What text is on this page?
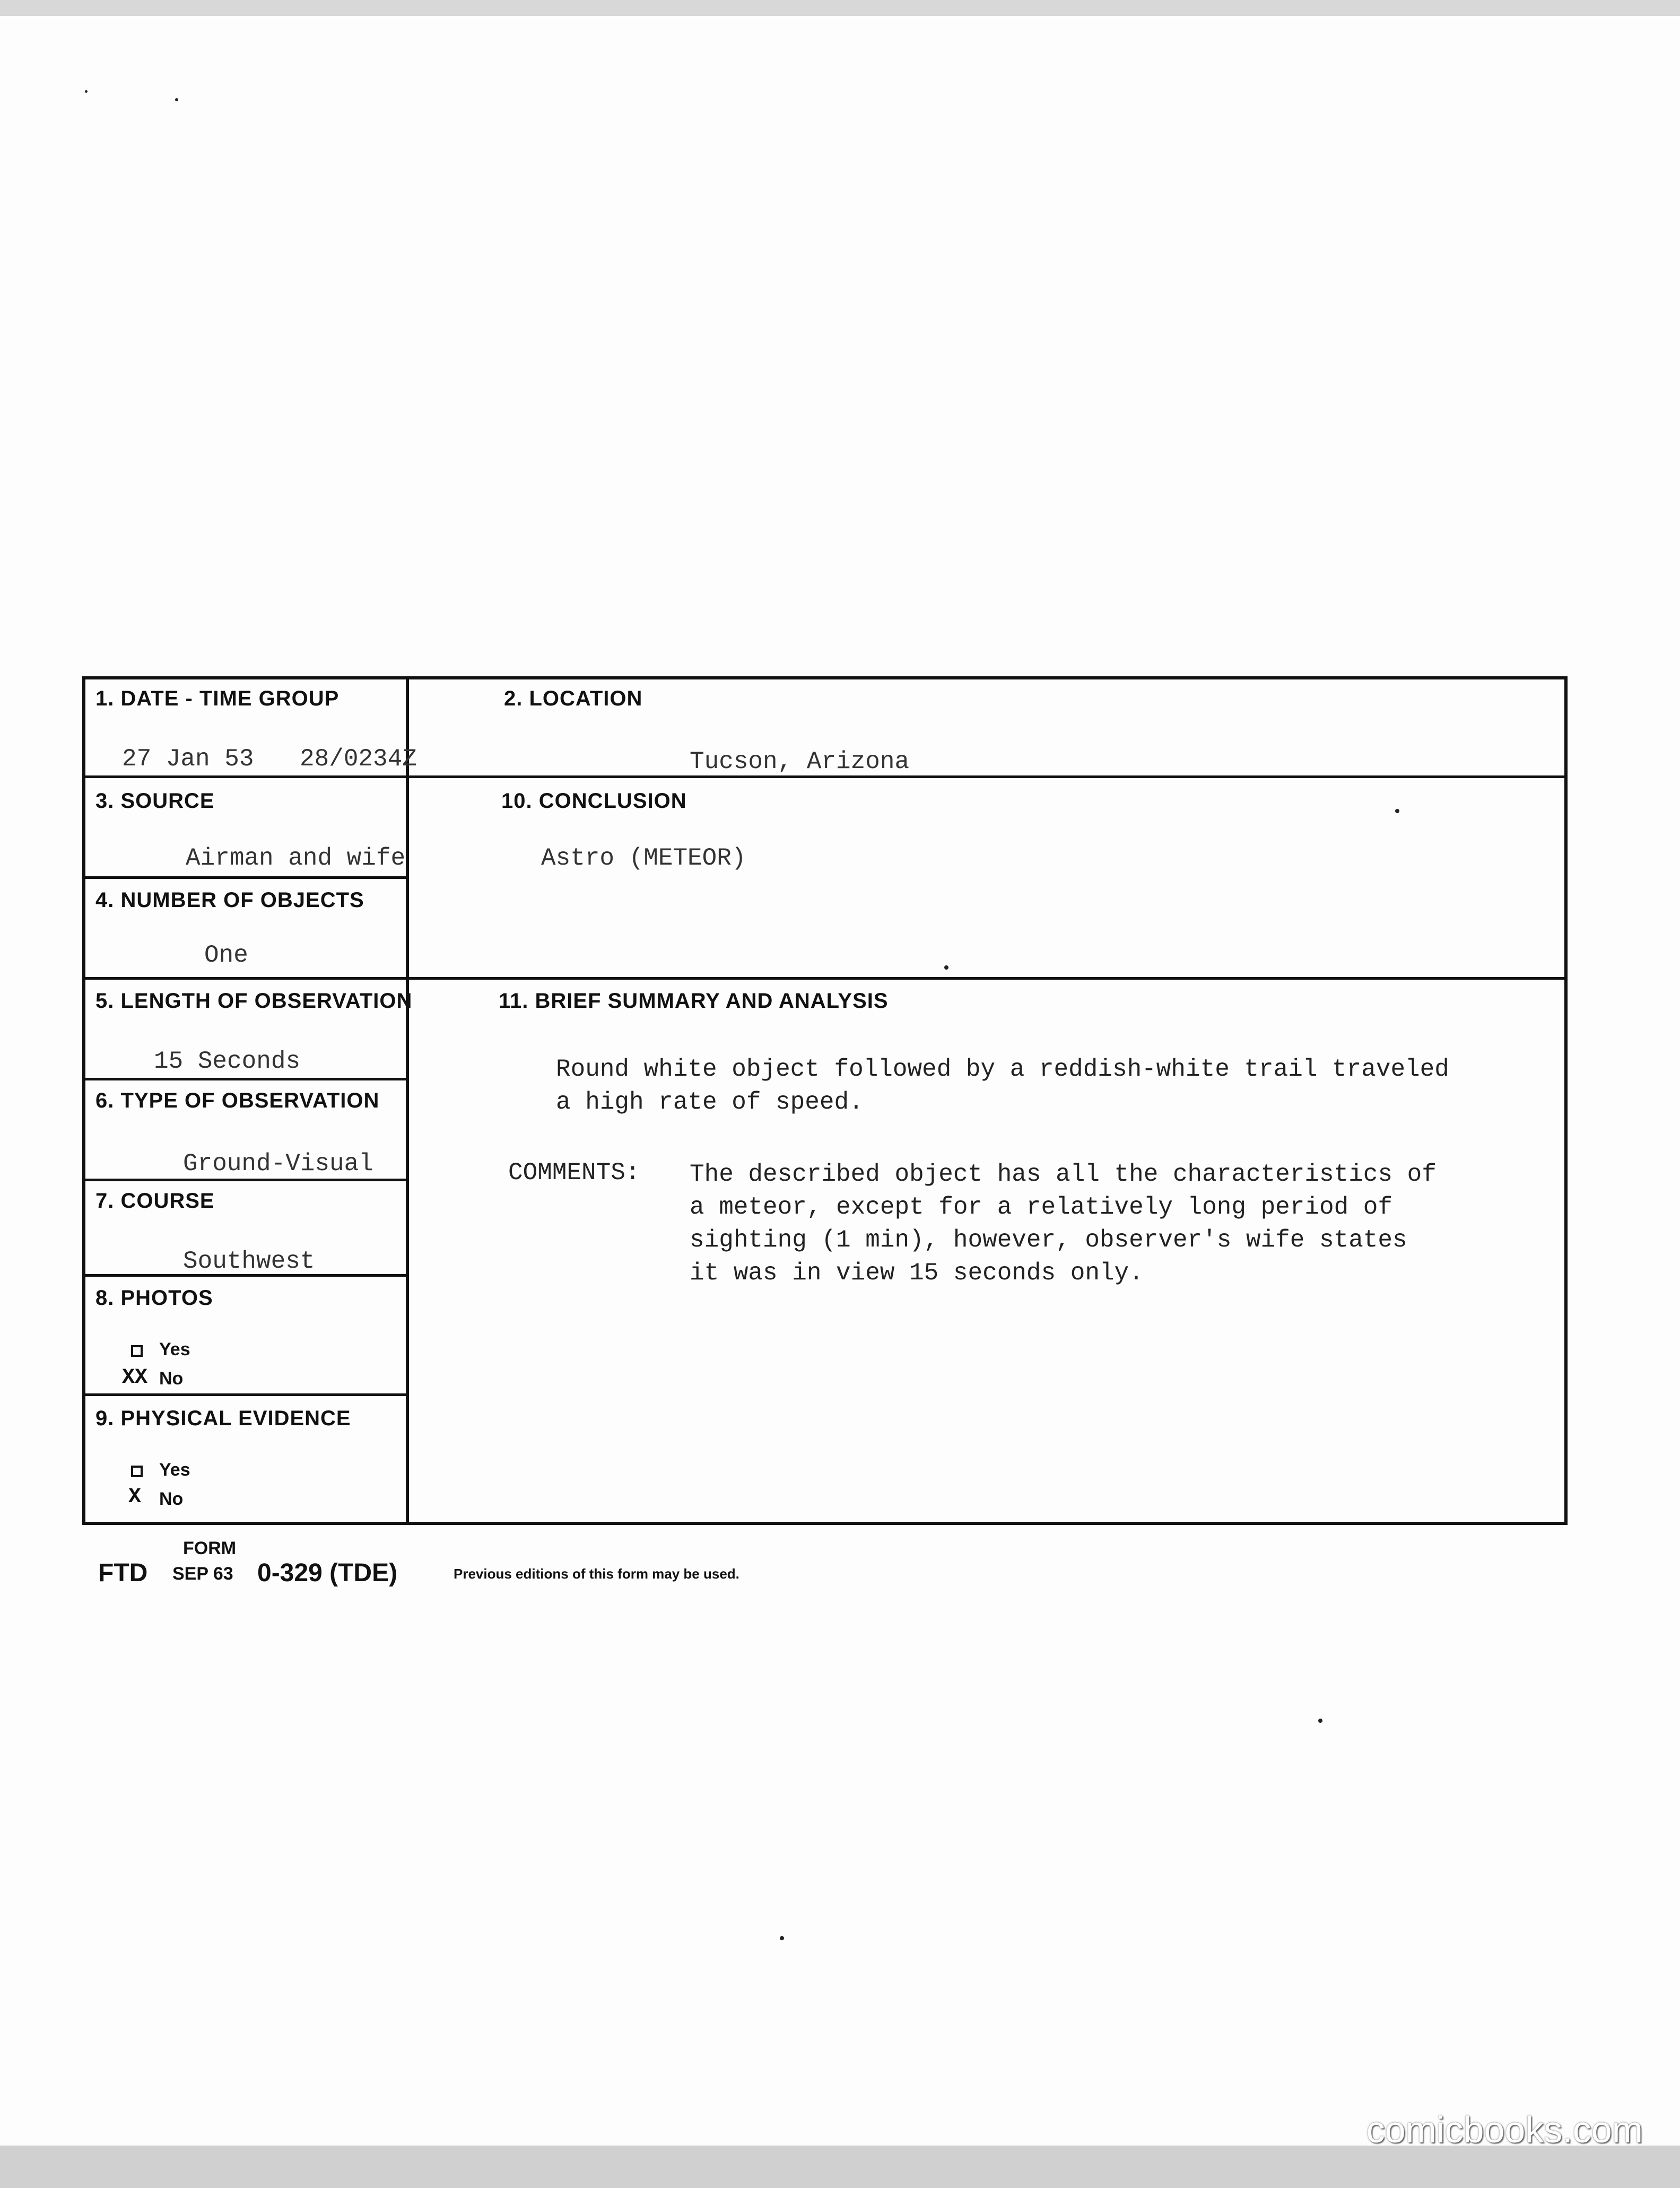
1. DATE - TIME GROUP
27 Jan 53 28/0234Z
2. LOCATION
Tucson, Arizona
3. SOURCE
Airman and wife
10. CONCLUSION
Astro (METEOR)
4. NUMBER OF OBJECTS
One
5. LENGTH OF OBSERVATION
15 Seconds
11. BRIEF SUMMARY AND ANALYSIS
Round white object followed by a reddish-white trail traveled
a high rate of speed.
COMMENTS: The described object has all the characteristics of
a meteor, except for a relatively long period of
sighting (1 min), however, observer's wife states
it was in view 15 seconds only.
6. TYPE OF OBSERVATION
Ground-Visual
7. COURSE
Southwest
8. PHOTOS
Yes
XX No
9. PHYSICAL EVIDENCE
Yes
X No
FORM
FTD SEP 63 0-329 (TDE)	Previous editions of this form may be used.
comicbooks.com
